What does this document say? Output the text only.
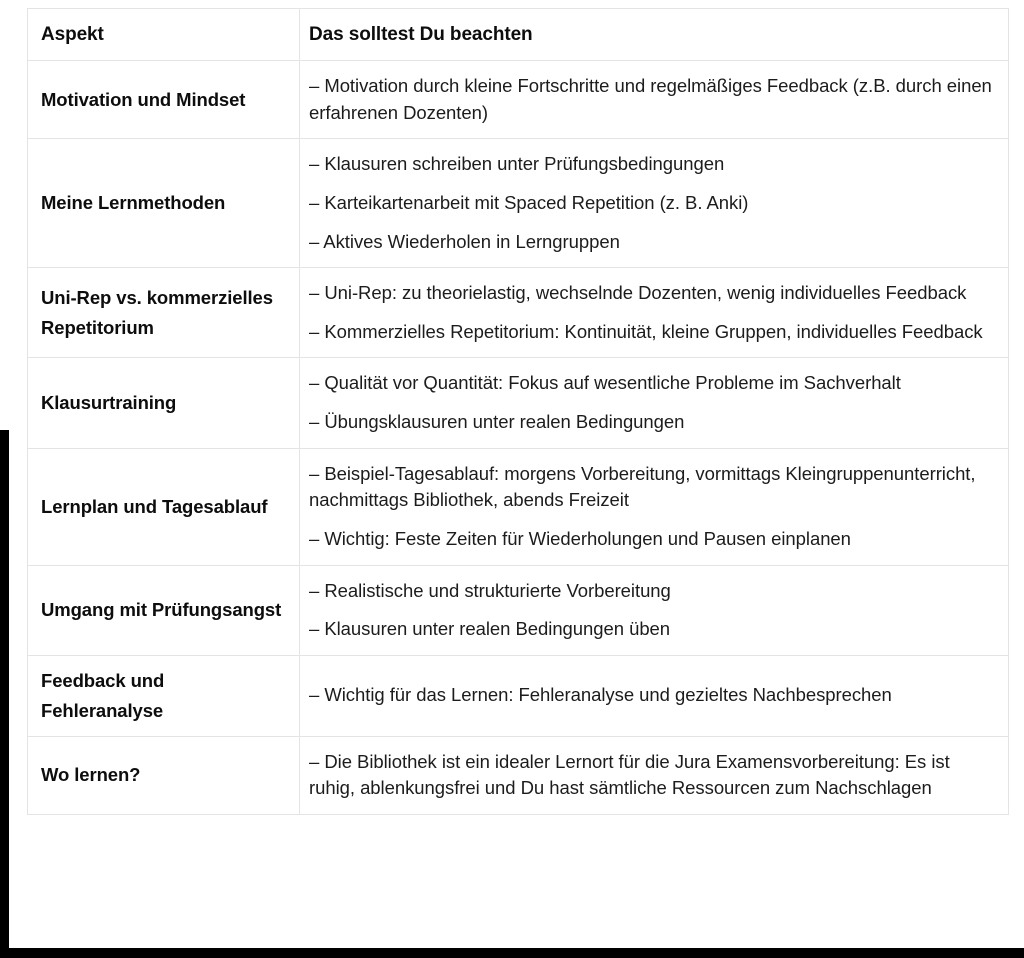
Aspekt	Das solltest Du beachten
Motivation und Mindset	– Motivation durch kleine Fortschritte und regelmäßiges Feedback (z.B. durch einen erfahrenen Dozenten)

Meine Lernmethoden	– Klausuren schreiben unter Prüfungsbedingungen
– Karteikartenarbeit mit Spaced Repetition (z. B. Anki)
– Aktives Wiederholen in Lerngruppen

Uni-Rep vs. kommerzielles Repetitorium	– Uni-Rep: zu theorielastig, wechselnde Dozenten, wenig individuelles Feedback
– Kommerzielles Repetitorium: Kontinuität, kleine Gruppen, individuelles Feedback

Klausurtraining	– Qualität vor Quantität: Fokus auf wesentliche Probleme im Sachverhalt
– Übungsklausuren unter realen Bedingungen

Lernplan und Tagesablauf	– Beispiel-Tagesablauf: morgens Vorbereitung, vormittags Kleingruppenunterricht, nachmittags Bibliothek, abends Freizeit
– Wichtig: Feste Zeiten für Wiederholungen und Pausen einplanen

Umgang mit Prüfungsangst	– Realistische und strukturierte Vorbereitung
– Klausuren unter realen Bedingungen üben

Feedback und Fehleranalyse	– Wichtig für das Lernen: Fehleranalyse und gezieltes Nachbesprechen

Wo lernen?	– Die Bibliothek ist ein idealer Lernort für die Jura Examensvorbereitung: Es ist ruhig, ablenkungsfrei und Du hast sämtliche Ressourcen zum Nachschlagen
